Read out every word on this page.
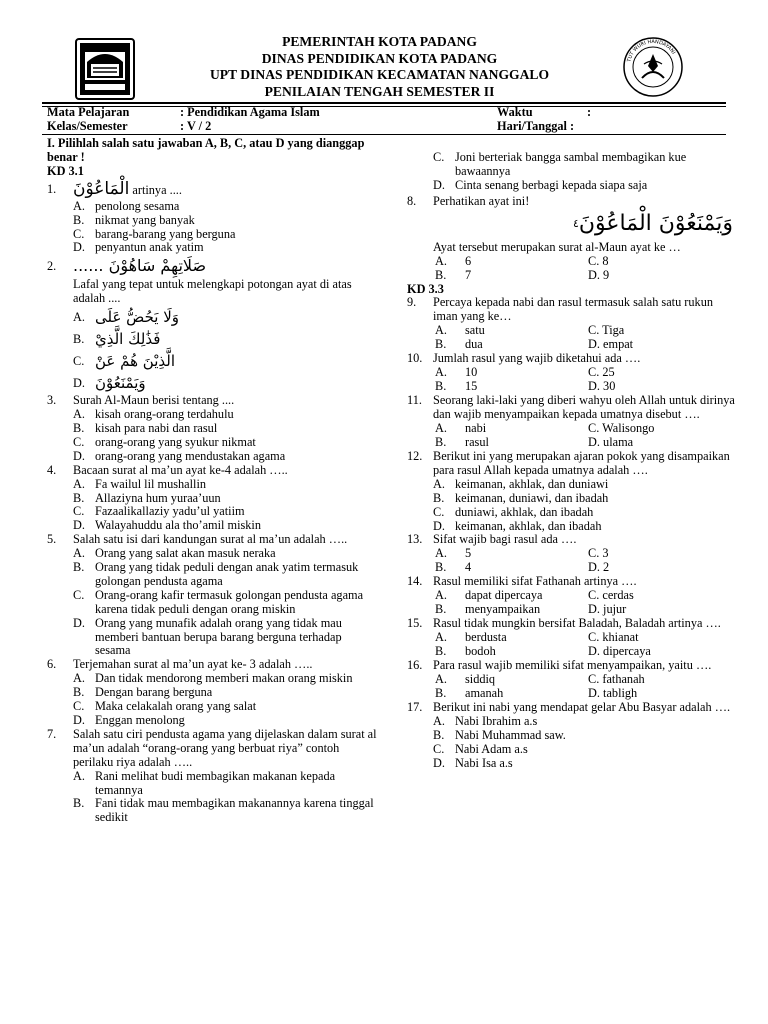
PEMERINTAH KOTA PADANG
DINAS PENDIDIKAN KOTA PADANG
UPT DINAS PENDIDIKAN KECAMATAN NANGGALO
PENILAIAN TENGAH SEMESTER II
TUT WURI HANDAYANI
Mata Pelajaran	: Pendidikan Agama Islam	Waktu	:
Kelas/Semester	: V / 2	Hari/Tanggal :
I. Pilihlah salah satu jawaban A, B, C, atau D yang dianggap benar !
KD 3.1
1. الْمَاعُوْنَ artinya ....
A. penolong sesama
B. nikmat yang banyak
C. barang-barang yang berguna
D. penyantun anak yatim
2. صَلَاتِهِمْ سَاهُوْنَ ......
Lafal yang tepat untuk melengkapi potongan ayat di atas adalah ....
A. وَلَا يَحُضُّ عَلَى
B. فَذَٰلِكَ الَّذِيْ
C. الَّذِيْنَ هُمْ عَنْ
D. وَيَمْنَعُوْنَ
3. Surah Al-Maun berisi tentang ....
A. kisah orang-orang terdahulu
B. kisah para nabi dan rasul
C. orang-orang yang syukur nikmat
D. orang-orang yang mendustakan agama
4. Bacaan surat al ma’un ayat ke-4 adalah …..
A. Fa wailul lil mushallin
B. Allaziyna hum yuraa’uun
C. Fazaalikallaziy yadu’ul yatiim
D. Walayahuddu ala tho’amil miskin
5. Salah satu isi dari kandungan surat al ma’un adalah …..
A. Orang yang salat akan masuk neraka
B. Orang yang tidak peduli dengan anak yatim termasuk golongan pendusta agama
C. Orang-orang kafir termasuk golongan pendusta agama karena tidak peduli dengan orang miskin
D. Orang yang munafik adalah orang yang tidak mau memberi bantuan berupa barang berguna terhadap sesama
6. Terjemahan surat al ma’un ayat ke- 3 adalah …..
A. Dan tidak mendorong memberi makan orang miskin
B. Dengan barang berguna
C. Maka celakalah orang yang salat
D. Enggan menolong
7. Salah satu ciri pendusta agama yang dijelaskan dalam surat al ma’un adalah “orang-orang yang berbuat riya” contoh perilaku riya adalah …..
A. Rani melihat budi membagikan makanan kepada temannya
B. Fani tidak mau membagikan makanannya karena tinggal sedikit
C. Joni berteriak bangga sambal membagikan kue bawaannya
D. Cinta senang berbagi kepada siapa saja
8. Perhatikan ayat ini!
وَيَمْنَعُوْنَ الْمَاعُوْنَ٤
Ayat tersebut merupakan surat al-Maun ayat ke …
A. 6	C. 8
B. 7	D. 9
KD 3.3
9. Percaya kepada nabi dan rasul termasuk salah satu rukun iman yang ke…
A. satu	C. Tiga
B. dua	D. empat
10. Jumlah rasul yang wajib diketahui ada ….
A. 10	C. 25
B. 15	D. 30
11. Seorang laki-laki yang diberi wahyu oleh Allah untuk dirinya dan wajib menyampaikan kepada umatnya disebut ….
A. nabi	C. Walisongo
B. rasul	D. ulama
12. Berikut ini yang merupakan ajaran pokok yang disampaikan para rasul Allah kepada umatnya adalah ….
A. keimanan, akhlak, dan duniawi
B. keimanan, duniawi, dan ibadah
C. duniawi, akhlak, dan ibadah
D. keimanan, akhlak, dan ibadah
13. Sifat wajib bagi rasul ada ….
A. 5	C. 3
B. 4	D. 2
14. Rasul memiliki sifat Fathanah artinya ….
A. dapat dipercaya	C. cerdas
B. menyampaikan	D. jujur
15. Rasul tidak mungkin bersifat Baladah, Baladah artinya ….
A. berdusta	C. khianat
B. bodoh	D. dipercaya
16. Para rasul wajib memiliki sifat menyampaikan, yaitu ….
A. siddiq	C. fathanah
B. amanah	D. tabligh
17. Berikut ini nabi yang mendapat gelar Abu Basyar adalah ….
A. Nabi Ibrahim a.s
B. Nabi Muhammad saw.
C. Nabi Adam a.s
D. Nabi Isa a.s
